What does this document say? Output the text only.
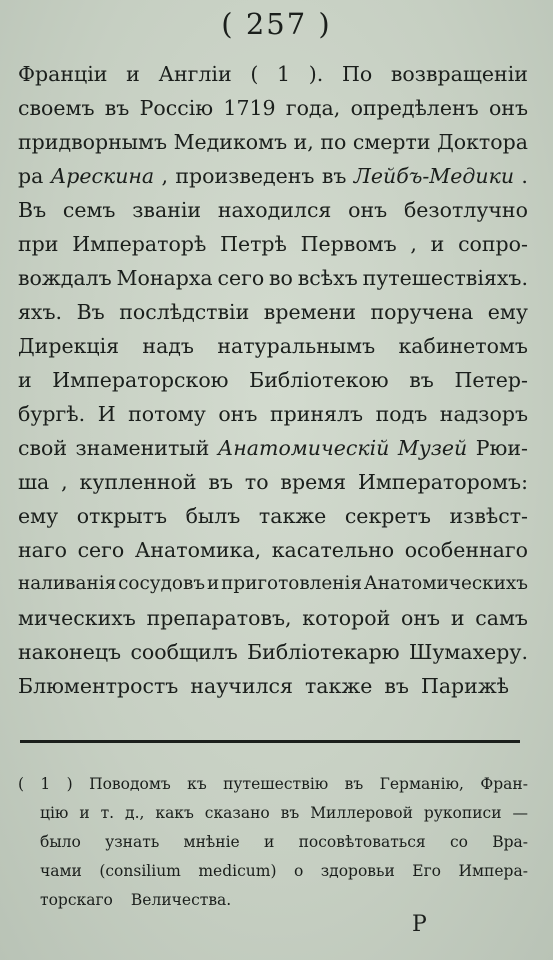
( 257 )
Франціи и Англіи ( 1 ). По возвращеніи
своемъ въ Россію 1719 года, опредѣленъ онъ
придворнымъ Медикомъ и, по смерти Доктора
ра Арескина , произведенъ въ Лейбъ-Медики .
Въ семъ званіи находился онъ безотлучно
при Императорѣ Петрѣ Первомъ , и сопро-
вождалъ Монарха сего во всѣхъ путешествіяхъ.
яхъ. Въ послѣдствіи времени поручена ему
Дирекція надъ натуральнымъ кабинетомъ
и Императорскою Библіотекою въ Петер-
бургѣ. И потому онъ принялъ подъ надзоръ
свой знаменитый Анатомическій Музей Рюи-
ша , купленной въ то время Императоромъ:
ему открытъ былъ также секретъ извѣст-
наго сего Анатомика, касательно особеннаго
наливанія сосудовъ и приготовленія Анатомическихъ
мическихъ препаратовъ, которой онъ и самъ
наконецъ сообщилъ Библіотекарю Шумахеру.
Блюментростъ научился также въ Парижѣ
( 1 ) Поводомъ къ путешествію въ Германію, Фран-
цію и т. д., какъ сказано въ Миллеровой рукописи —
было узнать мнѣніе и посовѣтоваться со Вра-
чами (consilium medicum) о здоровьи Его Импера-
торскаго Величества.
Р
